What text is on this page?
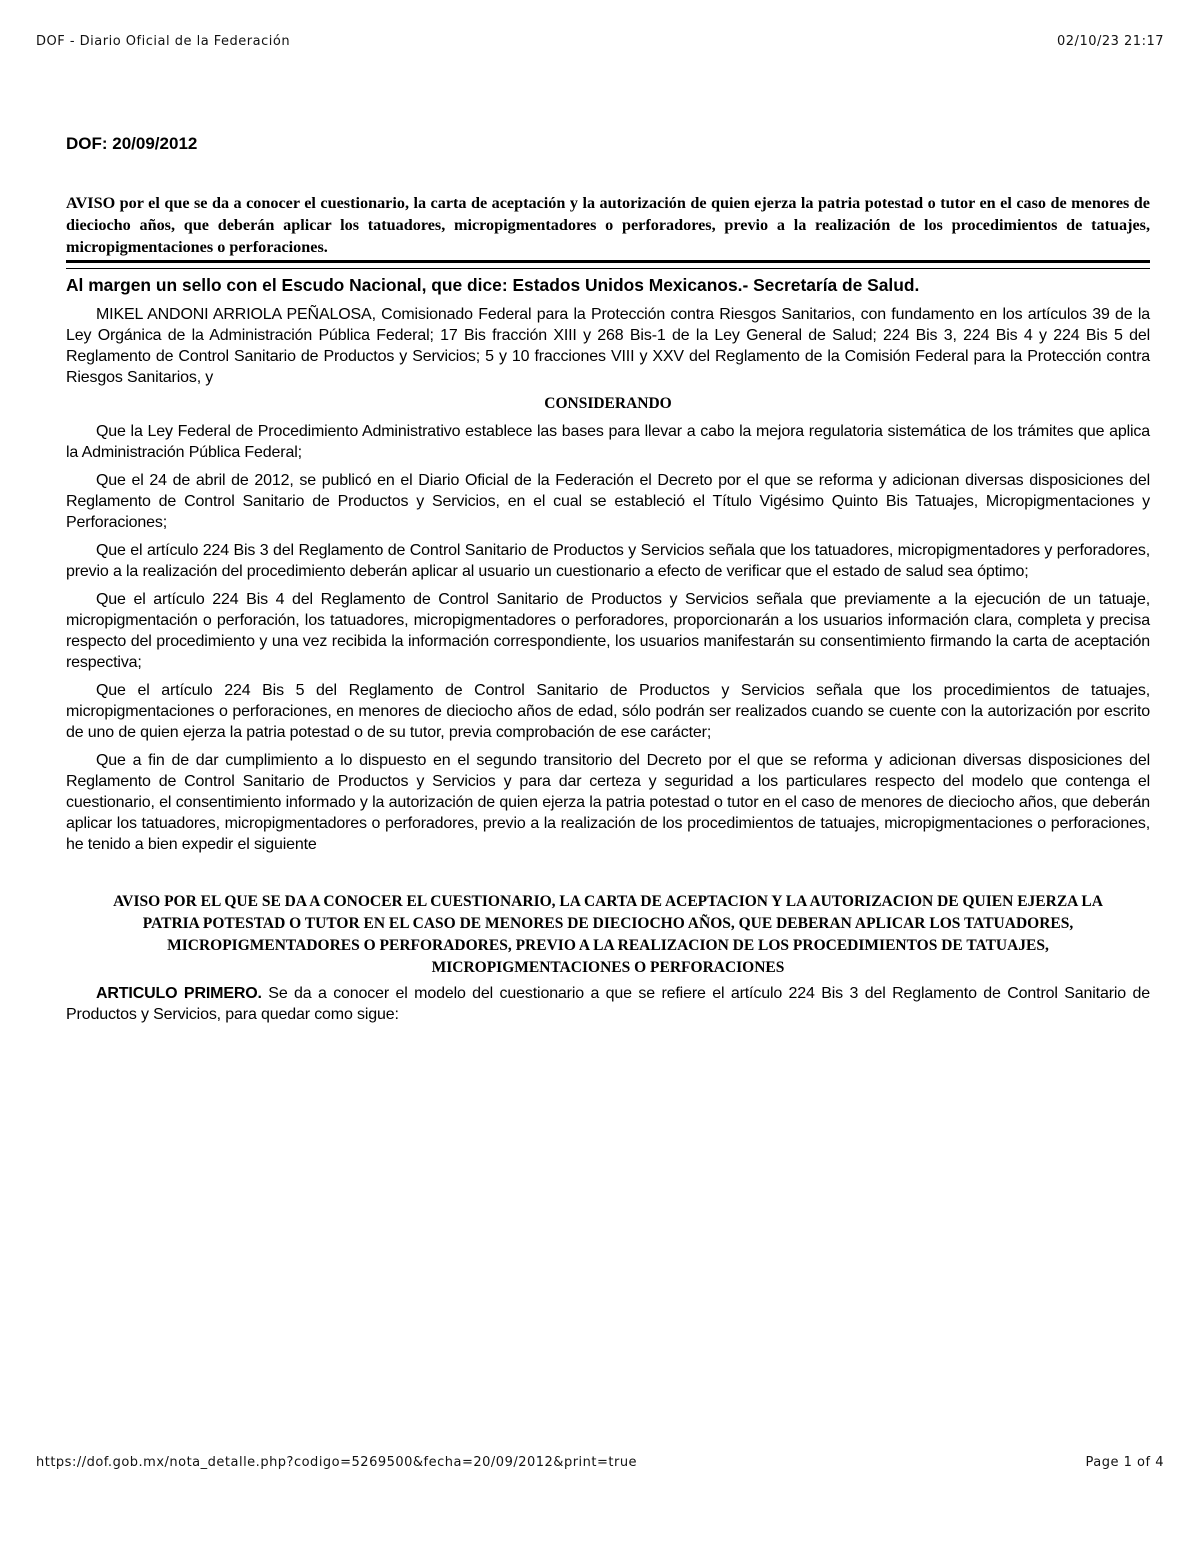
DOF - Diario Oficial de la Federación	02/10/23 21:17
DOF: 20/09/2012

AVISO por el que se da a conocer el cuestionario, la carta de aceptación y la autorización de quien ejerza la patria potestad o tutor en el caso de menores de dieciocho años, que deberán aplicar los tatuadores, micropigmentadores o perforadores, previo a la realización de los procedimientos de tatuajes, micropigmentaciones o perforaciones.

Al margen un sello con el Escudo Nacional, que dice: Estados Unidos Mexicanos.- Secretaría de Salud.

MIKEL ANDONI ARRIOLA PEÑALOSA, Comisionado Federal para la Protección contra Riesgos Sanitarios, con fundamento en los artículos 39 de la Ley Orgánica de la Administración Pública Federal; 17 Bis fracción XIII y 268 Bis-1 de la Ley General de Salud; 224 Bis 3, 224 Bis 4 y 224 Bis 5 del Reglamento de Control Sanitario de Productos y Servicios; 5 y 10 fracciones VIII y XXV del Reglamento de la Comisión Federal para la Protección contra Riesgos Sanitarios, y

CONSIDERANDO

Que la Ley Federal de Procedimiento Administrativo establece las bases para llevar a cabo la mejora regulatoria sistemática de los trámites que aplica la Administración Pública Federal;

Que el 24 de abril de 2012, se publicó en el Diario Oficial de la Federación el Decreto por el que se reforma y adicionan diversas disposiciones del Reglamento de Control Sanitario de Productos y Servicios, en el cual se estableció el Título Vigésimo Quinto Bis Tatuajes, Micropigmentaciones y Perforaciones;

Que el artículo 224 Bis 3 del Reglamento de Control Sanitario de Productos y Servicios señala que los tatuadores, micropigmentadores y perforadores, previo a la realización del procedimiento deberán aplicar al usuario un cuestionario a efecto de verificar que el estado de salud sea óptimo;

Que el artículo 224 Bis 4 del Reglamento de Control Sanitario de Productos y Servicios señala que previamente a la ejecución de un tatuaje, micropigmentación o perforación, los tatuadores, micropigmentadores o perforadores, proporcionarán a los usuarios información clara, completa y precisa respecto del procedimiento y una vez recibida la información correspondiente, los usuarios manifestarán su consentimiento firmando la carta de aceptación respectiva;

Que el artículo 224 Bis 5 del Reglamento de Control Sanitario de Productos y Servicios señala que los procedimientos de tatuajes, micropigmentaciones o perforaciones, en menores de dieciocho años de edad, sólo podrán ser realizados cuando se cuente con la autorización por escrito de uno de quien ejerza la patria potestad o de su tutor, previa comprobación de ese carácter;

Que a fin de dar cumplimiento a lo dispuesto en el segundo transitorio del Decreto por el que se reforma y adicionan diversas disposiciones del Reglamento de Control Sanitario de Productos y Servicios y para dar certeza y seguridad a los particulares respecto del modelo que contenga el cuestionario, el consentimiento informado y la autorización de quien ejerza la patria potestad o tutor en el caso de menores de dieciocho años, que deberán aplicar los tatuadores, micropigmentadores o perforadores, previo a la realización de los procedimientos de tatuajes, micropigmentaciones o perforaciones, he tenido a bien expedir el siguiente

AVISO POR EL QUE SE DA A CONOCER EL CUESTIONARIO, LA CARTA DE ACEPTACION Y LA AUTORIZACION DE QUIEN EJERZA LA PATRIA POTESTAD O TUTOR EN EL CASO DE MENORES DE DIECIOCHO AÑOS, QUE DEBERAN APLICAR LOS TATUADORES, MICROPIGMENTADORES O PERFORADORES, PREVIO A LA REALIZACION DE LOS PROCEDIMIENTOS DE TATUAJES, MICROPIGMENTACIONES O PERFORACIONES

ARTICULO PRIMERO. Se da a conocer el modelo del cuestionario a que se refiere el artículo 224 Bis 3 del Reglamento de Control Sanitario de Productos y Servicios, para quedar como sigue:

https://dof.gob.mx/nota_detalle.php?codigo=5269500&fecha=20/09/2012&print=true	Page 1 of 4
